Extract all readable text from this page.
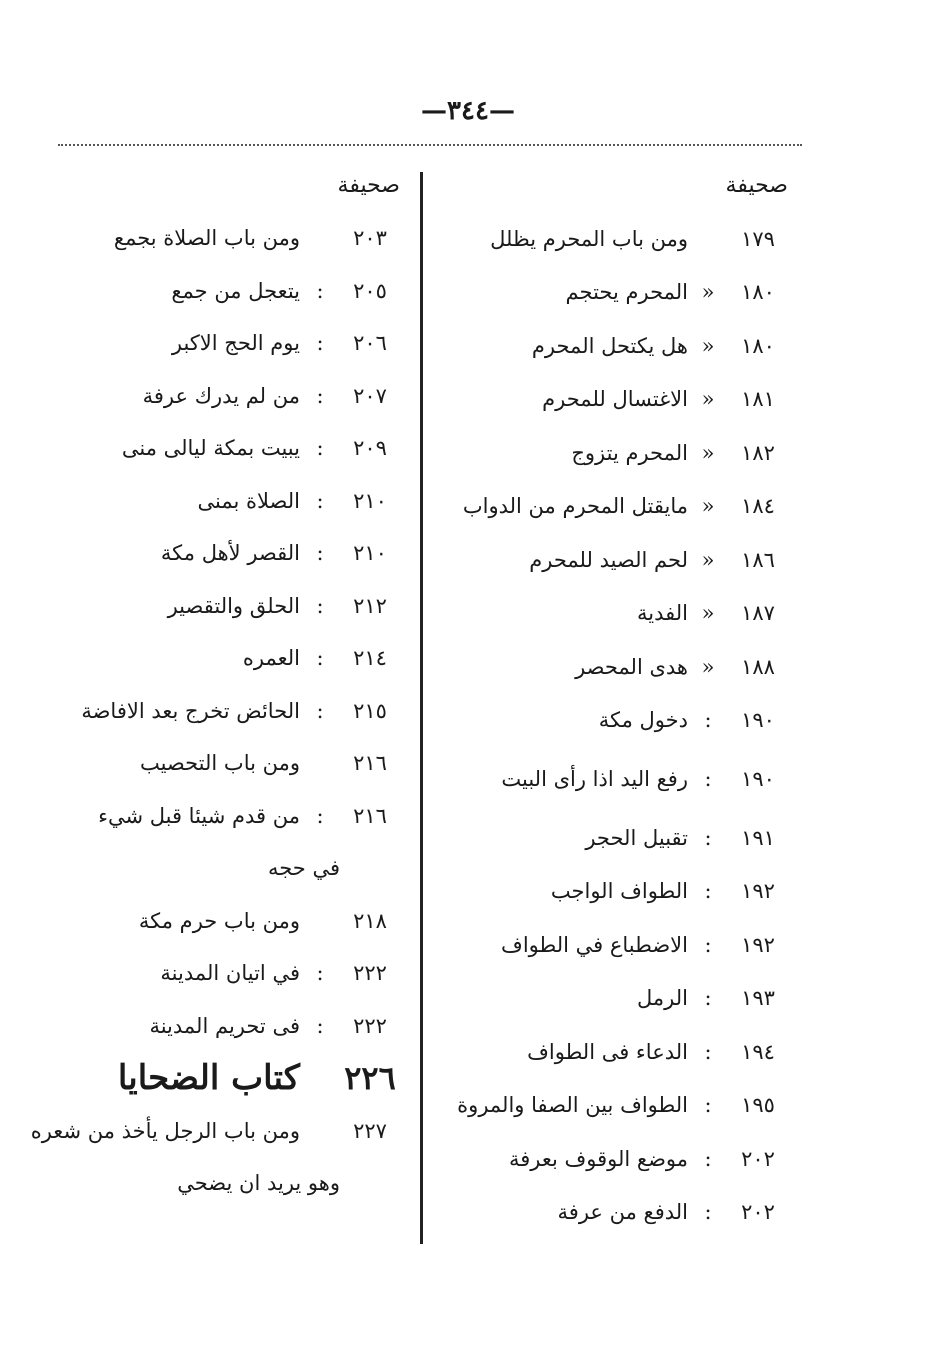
—٣٤٤—
صحيفة
١٧٩
ومن باب المحرم يظلل
١٨٠
«
المحرم يحتجم
١٨٠
«
هل يكتحل المحرم
١٨١
«
الاغتسال للمحرم
١٨٢
«
المحرم يتزوج
١٨٤
«
مايقتل المحرم من الدواب
١٨٦
«
لحم الصيد للمحرم
١٨٧
«
الفدية
١٨٨
«
هدى المحصر
١٩٠
:
دخول مكة
١٩٠
:
رفع اليد اذا رأى البيت
١٩١
:
تقبيل الحجر
١٩٢
:
الطواف الواجب
١٩٢
:
الاضطباع في الطواف
١٩٣
:
الرمل
١٩٤
:
الدعاء فى الطواف
١٩٥
:
الطواف بين الصفا والمروة
٢٠٢
:
موضع الوقوف بعرفة
٢٠٢
:
الدفع من عرفة
صحيفة
٢٠٣
ومن باب الصلاة بجمع
٢٠٥
:
يتعجل من جمع
٢٠٦
:
يوم الحج الاكبر
٢٠٧
:
من لم يدرك عرفة
٢٠٩
:
يبيت بمكة ليالى منى
٢١٠
:
الصلاة بمنى
٢١٠
:
القصر لأهل مكة
٢١٢
:
الحلق والتقصير
٢١٤
:
العمره
٢١٥
:
الحائض تخرج بعد الافاضة
٢١٦
ومن باب التحصيب
٢١٦
:
من قدم شيئا قبل شيء
في حجه
٢١٨
ومن باب حرم مكة
٢٢٢
:
في اتيان المدينة
٢٢٢
:
فى تحريم المدينة
٢٢٦
كتاب الضحايا
٢٢٧
ومن باب الرجل يأخذ من شعره
وهو يريد ان يضحي
